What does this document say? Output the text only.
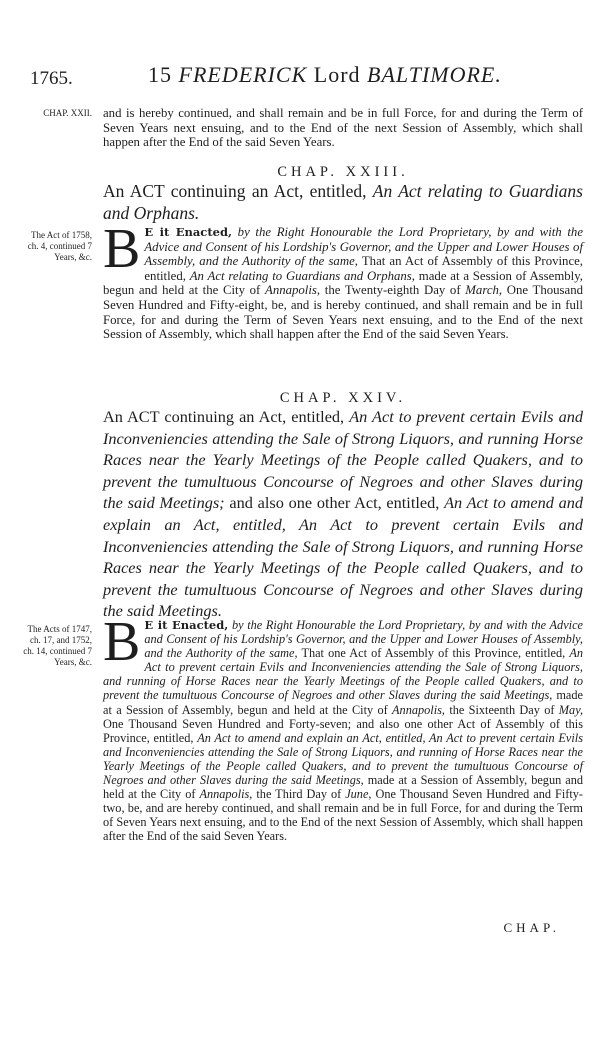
1765.	15 FREDERICK Lord BALTIMORE.
CHAP. XXII. and is hereby continued, and shall remain and be in full Force, for and during the Term of Seven Years next ensuing, and to the End of the next Session of Assembly, which shall happen after the End of the said Seven Years.
CHAP. XXIII.
An ACT continuing an Act, entitled, An Act relating to Guardians and Orphans.
The Act of 1758, ch. 4, continued 7 Years, &c. B E it Enacted, by the Right Honourable the Lord Proprietary, by and with the Advice and Consent of his Lordship's Governor, and the Upper and Lower Houses of Assembly, and the Authority of the same, That an Act of Assembly of this Province, entitled, An Act relating to Guardians and Orphans, made at a Session of Assembly, begun and held at the City of Annapolis, the Twenty-eighth Day of March, One Thousand Seven Hundred and Fifty-eight, be, and is hereby continued, and shall remain and be in full Force, for and during the Term of Seven Years next ensuing, and to the End of the next Session of Assembly, which shall happen after the End of the said Seven Years.
CHAP. XXIV.
An ACT continuing an Act, entitled, An Act to prevent certain Evils and Inconveniencies attending the Sale of Strong Liquors, and running Horse Races near the Yearly Meetings of the People called Quakers, and to prevent the tumultuous Concourse of Negroes and other Slaves during the said Meetings; and also one other Act, entitled, An Act to amend and explain an Act, entitled, An Act to prevent certain Evils and Inconveniencies attending the Sale of Strong Liquors, and running Horse Races near the Yearly Meetings of the People called Quakers, and to prevent the tumultuous Concourse of Negroes and other Slaves during the said Meetings.
The Acts of 1747, ch. 17, and 1752, ch. 14, continued 7 Years, &c. B E it Enacted, by the Right Honourable the Lord Proprietary, by and with the Advice and Consent of his Lordship's Governor, and the Upper and Lower Houses of Assembly, and the Authority of the same, That one Act of Assembly of this Province, entitled, An Act to prevent certain Evils and Inconveniencies attending the Sale of Strong Liquors, and running of Horse Races near the Yearly Meetings of the People called Quakers, and to prevent the tumultuous Concourse of Negroes and other Slaves during the said Meetings, made at a Session of Assembly, begun and held at the City of Annapolis, the Sixteenth Day of May, One Thousand Seven Hundred and Forty-seven; and also one other Act of Assembly of this Province, entitled, An Act to amend and explain an Act, entitled, An Act to prevent certain Evils and Inconveniencies attending the Sale of Strong Liquors, and running of Horse Races near the Yearly Meetings of the People called Quakers, and to prevent the tumultuous Concourse of Negroes and other Slaves during the said Meetings, made at a Session of Assembly, begun and held at the City of Annapolis, the Third Day of June, One Thousand Seven Hundred and Fifty-two, be, and are hereby continued, and shall remain and be in full Force, for and during the Term of Seven Years next ensuing, and to the End of the next Session of Assembly, which shall happen after the End of the said Seven Years.
CHAP.
